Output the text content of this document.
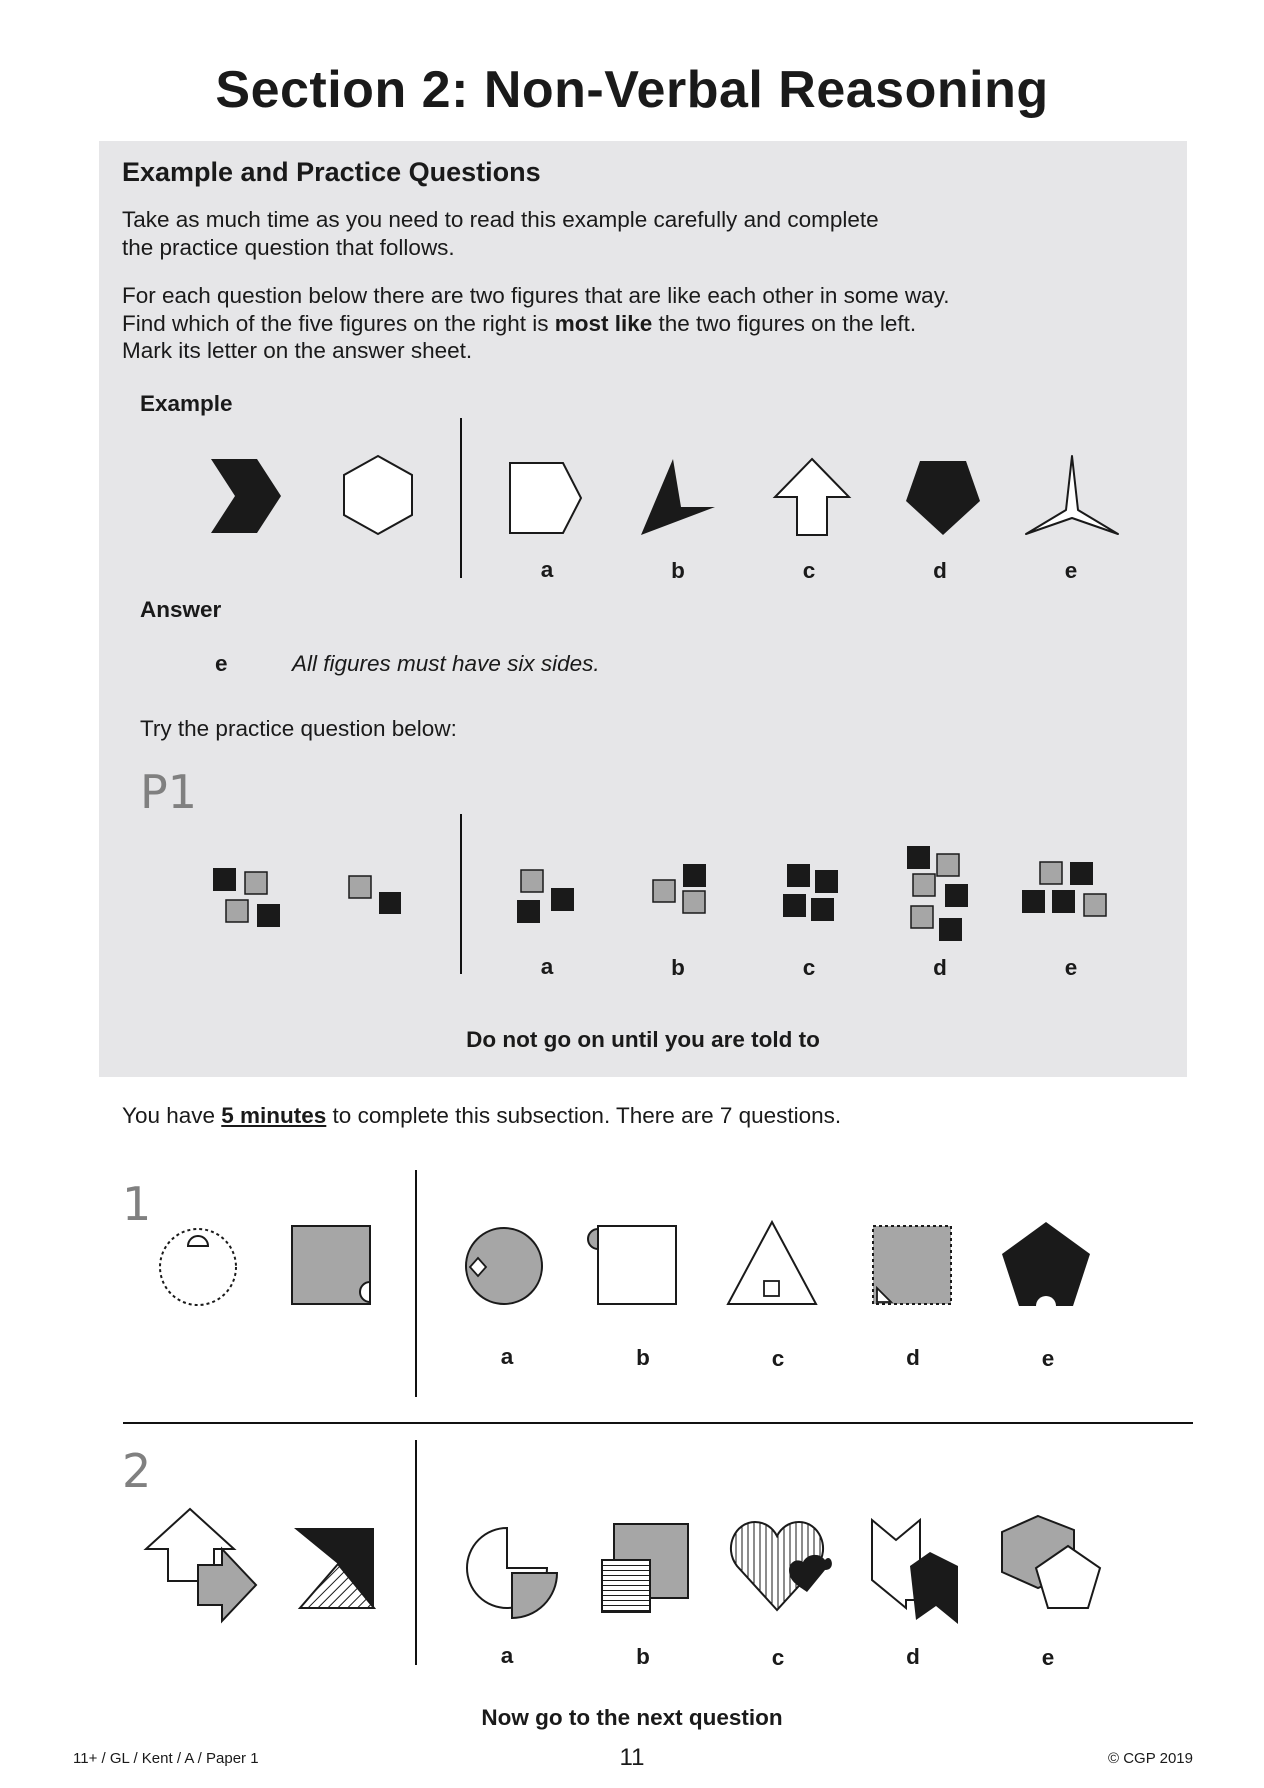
Section 2: Non-Verbal Reasoning
Example and Practice Questions

Take as much time as you need to read this example carefully and complete
the practice question that follows.

For each question below there are two figures that are like each other in some way.
Find which of the five figures on the right is most like the two figures on the left.
Mark its letter on the answer sheet.

Example
a	b	c	d	e
Answer
e	All figures must have six sides.
Try the practice question below:
P1
a	b	c	d	e
Do not go on until you are told to
You have 5 minutes to complete this subsection. There are 7 questions.
1
a	b	c	d	e
2
a	b	c	d	e
Now go to the next question
11+ / GL / Kent / A / Paper 1	11	© CGP 2019
